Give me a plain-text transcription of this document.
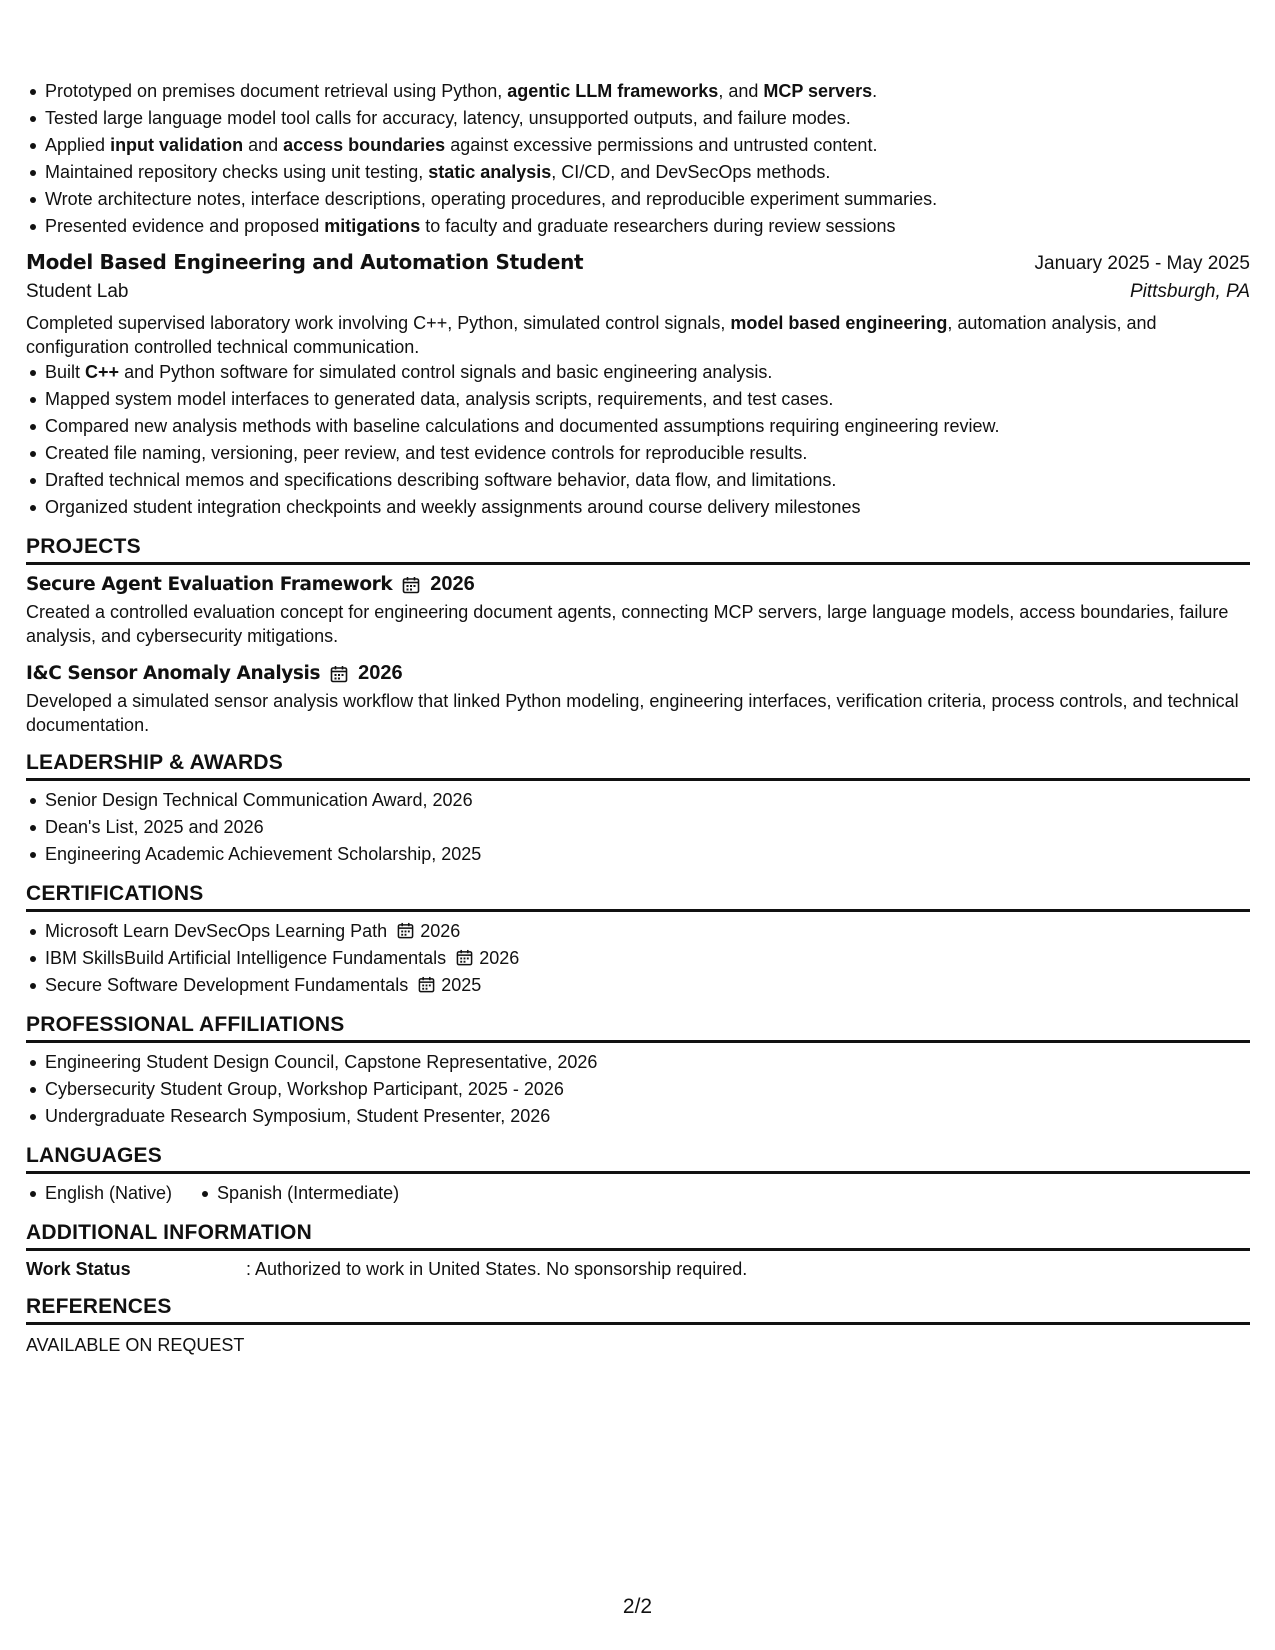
Prototyped on premises document retrieval using Python, agentic LLM frameworks, and MCP servers.
Tested large language model tool calls for accuracy, latency, unsupported outputs, and failure modes.
Applied input validation and access boundaries against excessive permissions and untrusted content.
Maintained repository checks using unit testing, static analysis, CI/CD, and DevSecOps methods.
Wrote architecture notes, interface descriptions, operating procedures, and reproducible experiment summaries.
Presented evidence and proposed mitigations to faculty and graduate researchers during review sessions
Model Based Engineering and Automation Student	January 2025 - May 2025
Student Lab	Pittsburgh, PA
Completed supervised laboratory work involving C++, Python, simulated control signals, model based engineering, automation analysis, and configuration controlled technical communication.
Built C++ and Python software for simulated control signals and basic engineering analysis.
Mapped system model interfaces to generated data, analysis scripts, requirements, and test cases.
Compared new analysis methods with baseline calculations and documented assumptions requiring engineering review.
Created file naming, versioning, peer review, and test evidence controls for reproducible results.
Drafted technical memos and specifications describing software behavior, data flow, and limitations.
Organized student integration checkpoints and weekly assignments around course delivery milestones
PROJECTS
Secure Agent Evaluation Framework 2026
Created a controlled evaluation concept for engineering document agents, connecting MCP servers, large language models, access boundaries, failure analysis, and cybersecurity mitigations.
I&C Sensor Anomaly Analysis 2026
Developed a simulated sensor analysis workflow that linked Python modeling, engineering interfaces, verification criteria, process controls, and technical documentation.
LEADERSHIP & AWARDS
Senior Design Technical Communication Award, 2026
Dean's List, 2025 and 2026
Engineering Academic Achievement Scholarship, 2025
CERTIFICATIONS
Microsoft Learn DevSecOps Learning Path 2026
IBM SkillsBuild Artificial Intelligence Fundamentals 2026
Secure Software Development Fundamentals 2025
PROFESSIONAL AFFILIATIONS
Engineering Student Design Council, Capstone Representative, 2026
Cybersecurity Student Group, Workshop Participant, 2025 - 2026
Undergraduate Research Symposium, Student Presenter, 2026
LANGUAGES
English (Native)	Spanish (Intermediate)
ADDITIONAL INFORMATION
Work Status	: Authorized to work in United States. No sponsorship required.
REFERENCES
AVAILABLE ON REQUEST
2/2
